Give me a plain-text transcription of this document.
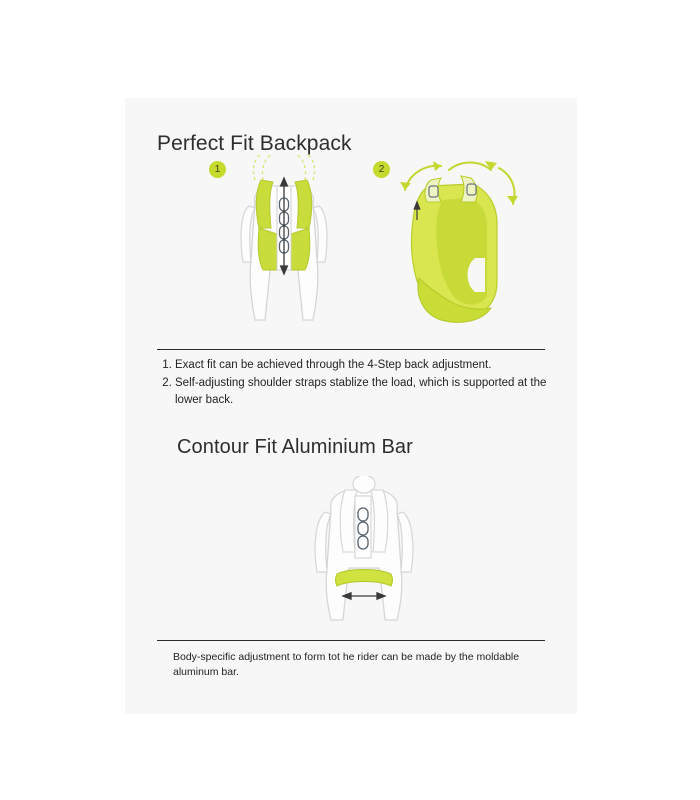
Perfect Fit Backpack
1	2
1. Exact fit can be achieved through the 4-Step back adjustment.
2. Self-adjusting shoulder straps stablize the load, which is supported at the lower back.
Contour Fit Aluminium Bar
Body-specific adjustment to form tot he rider can be made by the moldable aluminum bar.
